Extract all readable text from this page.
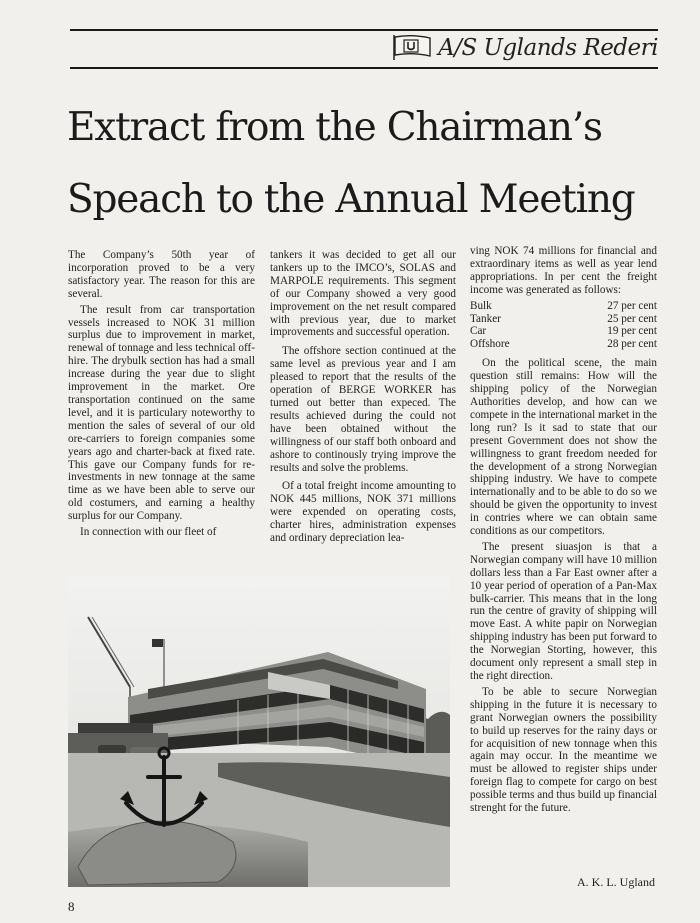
A/S Uglands Rederi
Extract from the Chairman’s
Speach to the Annual Meeting

The Company’s 50th year of incorporation proved to be a very satisfactory year. The reason for this are several.

The result from car transportation vessels increased to NOK 31 million surplus due to improvement in market, renewal of tonnage and less technical off-hire. The drybulk section has had a small increase during the year due to slight improvement in the market. Ore transportation continued on the same level, and it is particulary noteworthy to mention the sales of several of our old ore-carriers to foreign companies some years ago and charter-back at fixed rate. This gave our Company funds for re-investments in new tonnage at the same time as we have been able to serve our old costumers, and earning a healthy surplus for our Company.

In connection with our fleet of

tankers it was decided to get all our tankers up to the IMCO’s, SOLAS and MARPOLE requirements. This segment of our Company showed a very good improvement on the net result compared with previous year, due to market improvements and successful operation.

The offshore section continued at the same level as previous year and I am pleased to report that the results of the operation of BERGE WORKER has turned out better than expeced. The results achieved during the could not have been obtained without the willingness of our staff both onboard and ashore to continously trying improve the results and solve the problems.

Of a total freight income amounting to NOK 445 millions, NOK 371 millions were expended on operating costs, charter hires, administration expenses and ordinary depreciation lea-

ving NOK 74 millions for financial and extraordinary items as well as year lend appropriations. In per cent the freight income was generated as follows:

Bulk	27 per cent
Tanker	25 per cent
Car	19 per cent
Offshore	28 per cent

On the political scene, the main question still remains: How will the shipping policy of the Norwegian Authorities develop, and how can we compete in the international market in the long run? Is it sad to state that our present Government does not show the willingness to grant freedom needed for the development of a strong Norwegian shipping industry. We have to compete internationally and to be able to do so we should be given the opportunity to invest in contries where we can obtain same conditions as our competitors.

The present siuasjon is that a Norwegian company will have 10 million dollars less than a Far East owner after a 10 year period of operation of a Pan-Max bulk-carrier. This means that in the long run the centre of gravity of shipping will move East. A white papir on Norwegian shipping industry has been put forward to the Norwegian Storting, however, this document only represent a small step in the right direction.

To be able to secure Norwegian shipping in the future it is necessary to grant Norwegian owners the possibility to build up reserves for the rainy days or for acquisition of new tonnage when this again may occur. In the meantime we must be allowed to register ships under foreign flag to compete for cargo on best possible terms and thus build up financial strenght for the future.

A. K. L. Ugland
8
